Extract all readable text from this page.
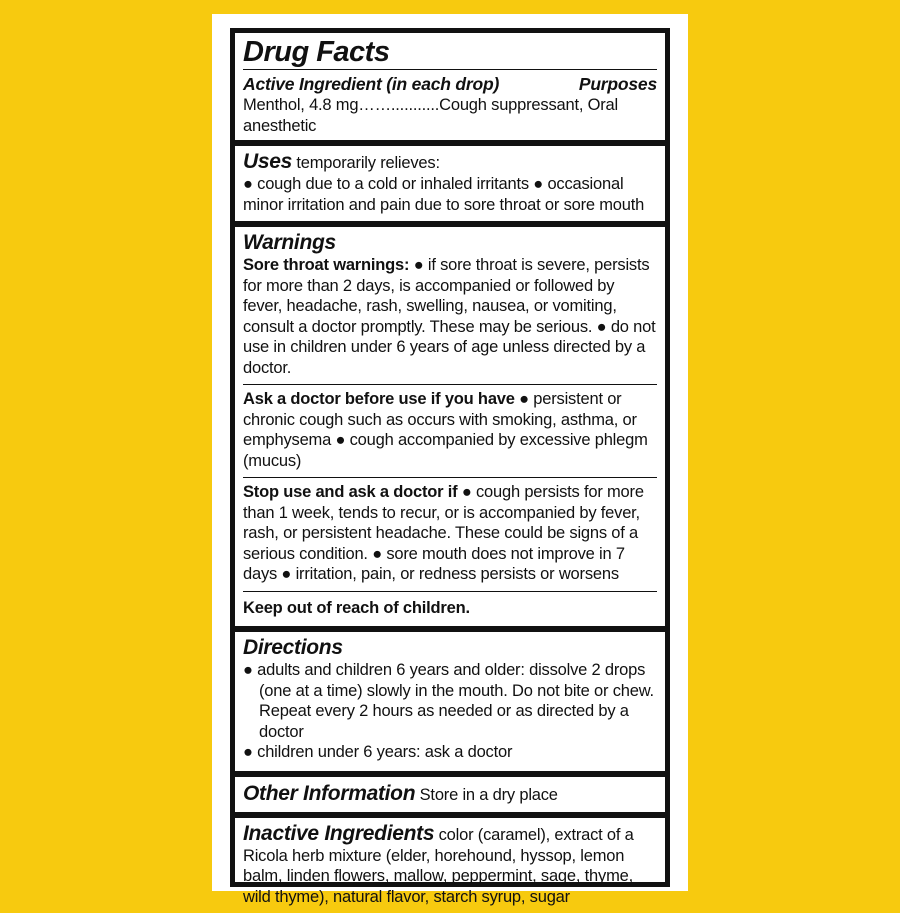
Drug Facts
Active Ingredient (in each drop)	Purposes
Menthol, 4.8 mg……...........Cough suppressant, Oral anesthetic
Uses temporarily relieves:
● cough due to a cold or inhaled irritants ● occasional minor irritation and pain due to sore throat or sore mouth
Warnings
Sore throat warnings: ● if sore throat is severe, persists for more than 2 days, is accompanied or followed by fever, headache, rash, swelling, nausea, or vomiting, consult a doctor promptly. These may be serious. ● do not use in children under 6 years of age unless directed by a doctor.
Ask a doctor before use if you have ● persistent or chronic cough such as occurs with smoking, asthma, or emphysema ● cough accompanied by excessive phlegm (mucus)
Stop use and ask a doctor if ● cough persists for more than 1 week, tends to recur, or is accompanied by fever, rash, or persistent headache. These could be signs of a serious condition. ● sore mouth does not improve in 7 days ● irritation, pain, or redness persists or worsens
Keep out of reach of children.
Directions
● adults and children 6 years and older: dissolve 2 drops (one at a time) slowly in the mouth. Do not bite or chew. Repeat every 2 hours as needed or as directed by a doctor
● children under 6 years: ask a doctor
Other Information Store in a dry place
Inactive Ingredients color (caramel), extract of a Ricola herb mixture (elder, horehound, hyssop, lemon balm, linden flowers, mallow, peppermint, sage, thyme, wild thyme), natural flavor, starch syrup, sugar
